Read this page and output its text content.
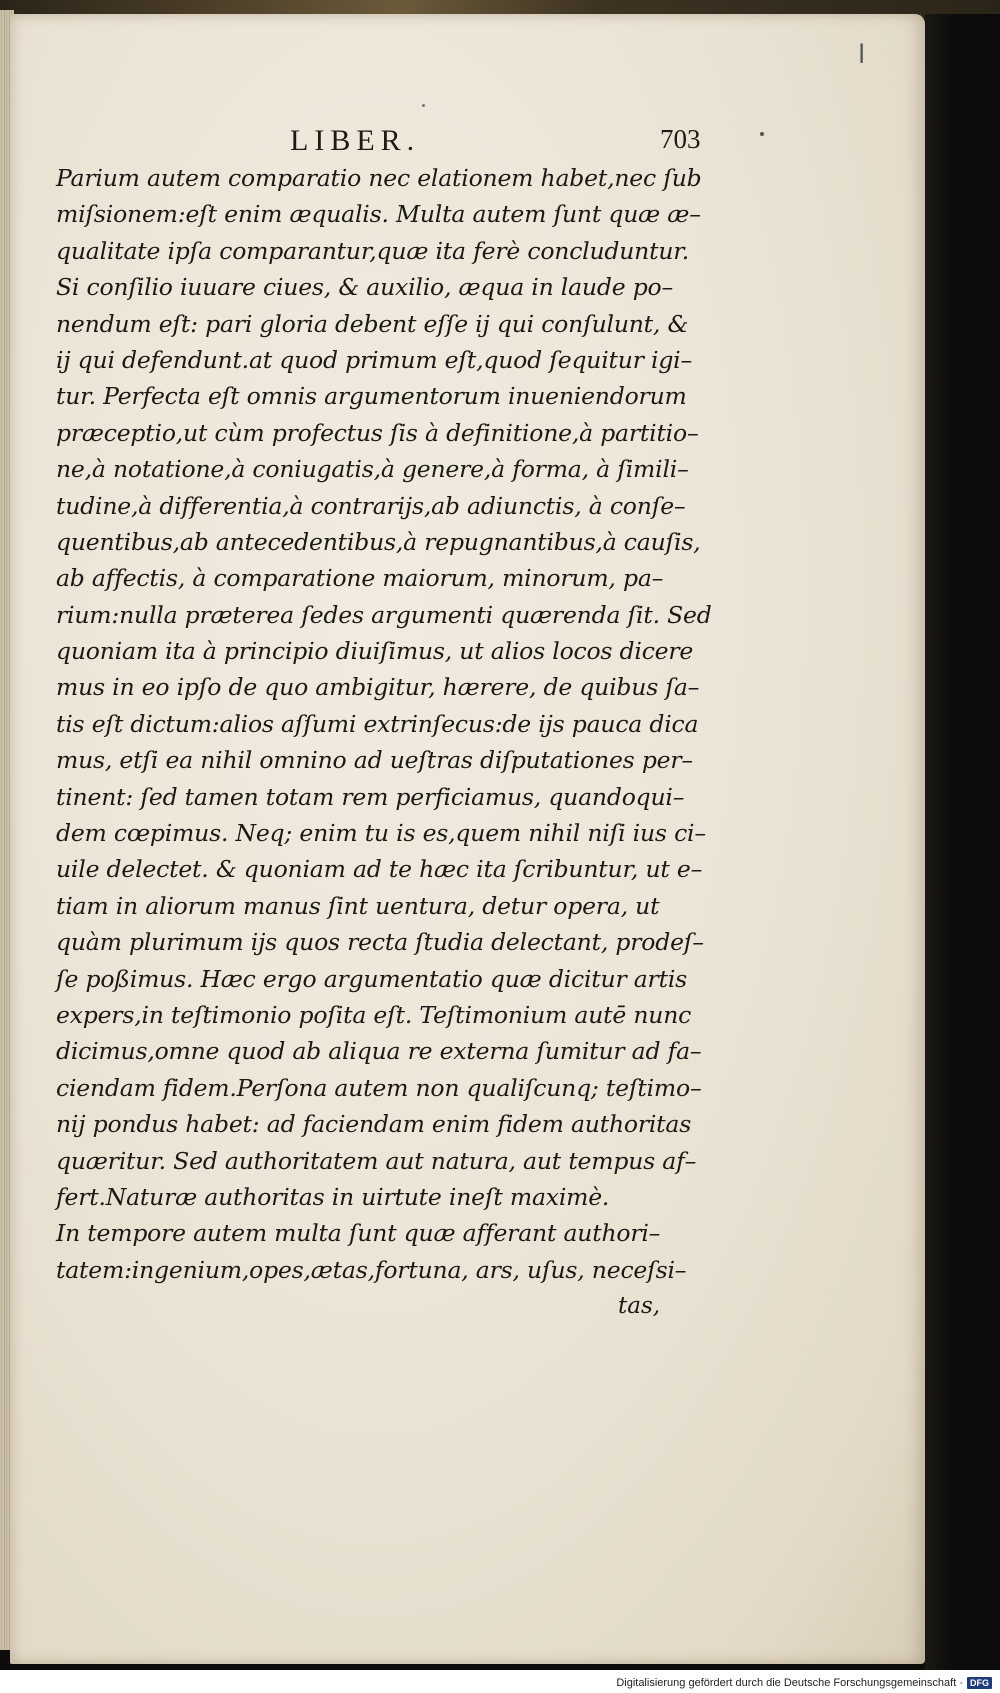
l
LIBER.	703
Parium autem comparatio nec elationem habet,nec ſub
miſsionem:eſt enim æqualis. Multa autem ſunt quæ æ–
qualitate ipſa comparantur,quæ ita ferè concluduntur.
Si conſilio iuuare ciues, & auxilio, æqua in laude po–
nendum eſt: pari gloria debent eſſe ij qui conſulunt, &
ij qui defendunt.at quod primum eſt,quod ſequitur igi–
tur. Perfecta eſt omnis argumentorum inueniendorum
præceptio,ut cùm profectus ſis à definitione,à partitio–
ne,à notatione,à coniugatis,à genere,à forma, à ſimili–
tudine,à differentia,à contrarijs,ab adiunctis, à conſe–
quentibus,ab antecedentibus,à repugnantibus,à cauſis,
ab affectis, à comparatione maiorum, minorum, pa–
rium:nulla præterea ſedes argumenti quærenda ſit. Sed
quoniam ita à principio diuiſimus, ut alios locos dicere
mus in eo ipſo de quo ambigitur, hærere, de quibus ſa–
tis eſt dictum:alios aſſumi extrinſecus:de ijs pauca dica
mus, etſi ea nihil omnino ad ueſtras diſputationes per–
tinent: ſed tamen totam rem perficiamus, quandoqui–
dem cœpimus. Neq; enim tu is es,quem nihil niſi ius ci–
uile delectet. & quoniam ad te hæc ita ſcribuntur, ut e–
tiam in aliorum manus ſint uentura, detur opera, ut
quàm plurimum ijs quos recta ſtudia delectant, prodeſ–
ſe poßimus. Hæc ergo argumentatio quæ dicitur artis
expers,in teſtimonio poſita eſt. Teſtimonium autē nunc
dicimus,omne quod ab aliqua re externa ſumitur ad fa–
ciendam fidem.Perſona autem non qualiſcunq; teſtimo–
nij pondus habet: ad faciendam enim fidem authoritas
quæritur. Sed authoritatem aut natura, aut tempus af–
fert.Naturæ authoritas in uirtute ineſt maximè.
In tempore autem multa ſunt quæ afferant authori–
tatem:ingenium,opes,ætas,fortuna, ars, uſus, neceſsi–
tas,
Digitalisierung gefördert durch die Deutsche Forschungsgemeinschaft · DFG
